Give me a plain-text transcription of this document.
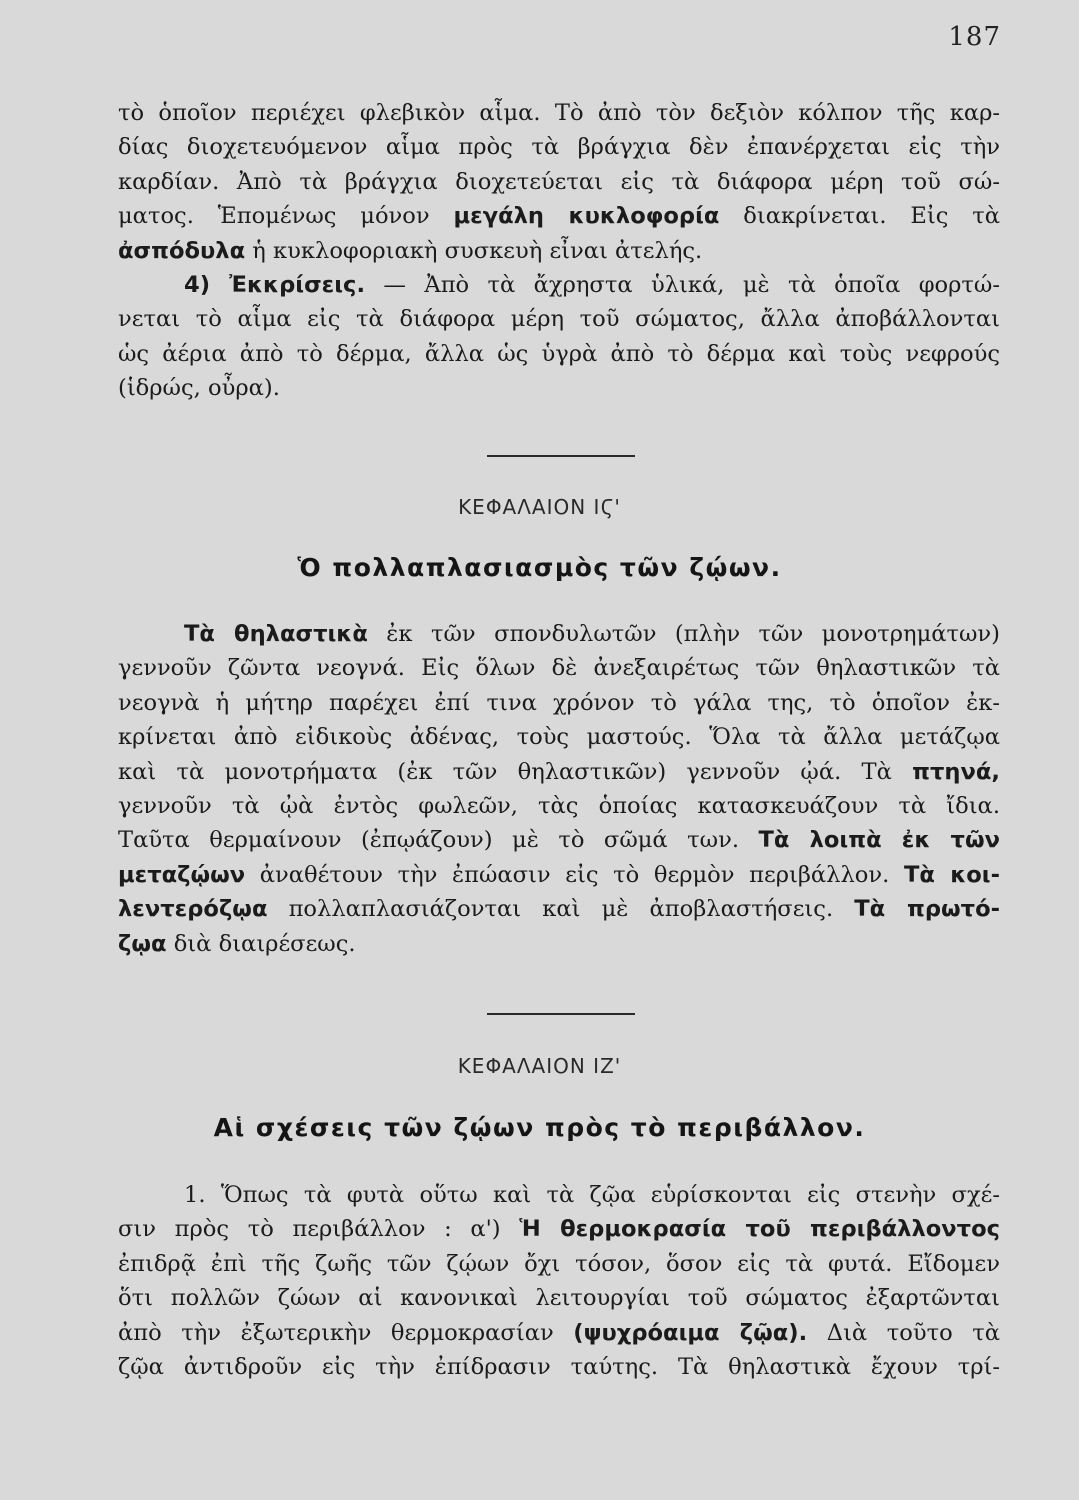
187
τὸ ὁποῖον περιέχει φλεβικὸν αἷμα. Τὸ ἀπὸ τὸν δεξιὸν κόλπον τῆς καρ-
δίας διοχετευόμενον αἷμα πρὸς τὰ βράγχια δὲν ἐπανέρχεται εἰς τὴν
καρδίαν. Ἀπὸ τὰ βράγχια διοχετεύεται εἰς τὰ διάφορα μέρη τοῦ σώ-
ματος. Ἑπομένως μόνον μεγάλη κυκλοφορία διακρίνεται. Εἰς τὰ
ἀσπόδυλα ἡ κυκλοφοριακὴ συσκευὴ εἶναι ἀτελής.
4) Ἐκκρίσεις. — Ἀπὸ τὰ ἄχρηστα ὑλικά, μὲ τὰ ὁποῖα φορτώ-
νεται τὸ αἷμα εἰς τὰ διάφορα μέρη τοῦ σώματος, ἄλλα ἀποβάλλονται
ὡς ἀέρια ἀπὸ τὸ δέρμα, ἄλλα ὡς ὑγρὰ ἀπὸ τὸ δέρμα καὶ τοὺς νεφρούς
(ἱδρώς, οὖρα).
ΚΕΦΑΛΑΙΟΝ ΙϚ'
Ὁ πολλαπλασιασμὸς τῶν ζῴων.
Τὰ θηλαστικὰ ἐκ τῶν σπονδυλωτῶν (πλὴν τῶν μονοτρημάτων)
γεννοῦν ζῶντα νεογνά. Εἰς ὅλων δὲ ἀνεξαιρέτως τῶν θηλαστικῶν τὰ
νεογνὰ ἡ μήτηρ παρέχει ἐπί τινα χρόνον τὸ γάλα της, τὸ ὁποῖον ἐκ-
κρίνεται ἀπὸ εἰδικοὺς ἀδένας, τοὺς μαστούς. Ὅλα τὰ ἄλλα μετάζῳα
καὶ τὰ μονοτρήματα (ἐκ τῶν θηλαστικῶν) γεννοῦν ᾠά. Τὰ πτηνά,
γεννοῦν τὰ ᾠὰ ἐντὸς φωλεῶν, τὰς ὁποίας κατασκευάζουν τὰ ἴδια.
Ταῦτα θερμαίνουν (ἐπῳάζουν) μὲ τὸ σῶμά των. Τὰ λοιπὰ ἐκ τῶν
μεταζῴων ἀναθέτουν τὴν ἐπώασιν εἰς τὸ θερμὸν περιβάλλον. Τὰ κοι-
λεντερόζῳα πολλαπλασιάζονται καὶ μὲ ἀποβλαστήσεις. Τὰ πρωτό-
ζῳα διὰ διαιρέσεως.
ΚΕΦΑΛΑΙΟΝ ΙΖ'
Αἱ σχέσεις τῶν ζῴων πρὸς τὸ περιβάλλον.
1. Ὅπως τὰ φυτὰ οὕτω καὶ τὰ ζῷα εὑρίσκονται εἰς στενὴν σχέ-
σιν πρὸς τὸ περιβάλλον : α') Ἡ θερμοκρασία τοῦ περιβάλλοντος
ἐπιδρᾷ ἐπὶ τῆς ζωῆς τῶν ζῴων ὄχι τόσον, ὅσον εἰς τὰ φυτά. Εἴδομεν
ὅτι πολλῶν ζώων αἱ κανονικαὶ λειτουργίαι τοῦ σώματος ἐξαρτῶνται
ἀπὸ τὴν ἐξωτερικὴν θερμοκρασίαν (ψυχρόαιμα ζῷα). Διὰ τοῦτο τὰ
ζῷα ἀντιδροῦν εἰς τὴν ἐπίδρασιν ταύτης. Τὰ θηλαστικὰ ἔχουν τρί-
